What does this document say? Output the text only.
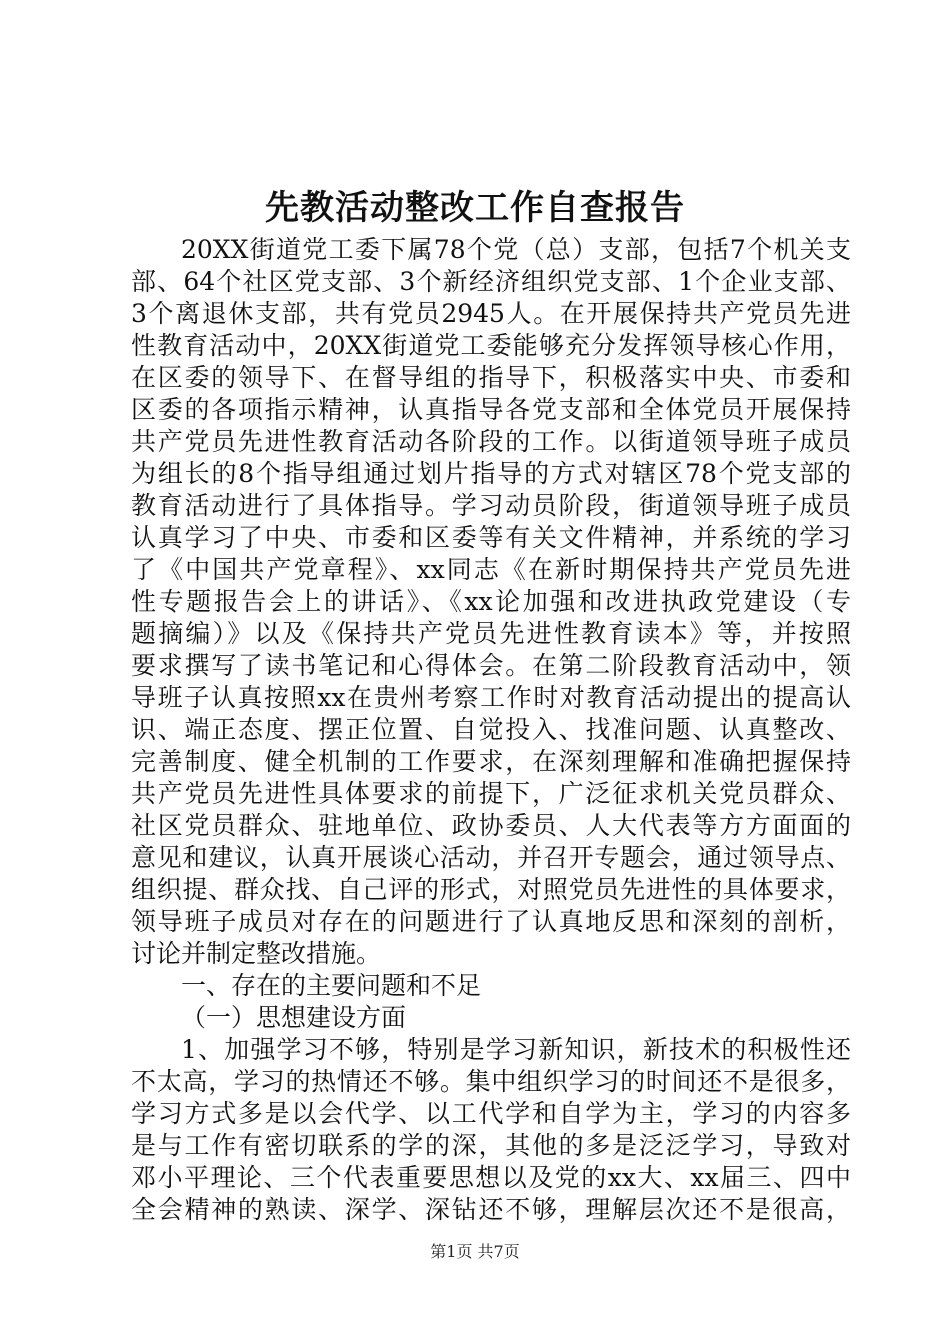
先教活动整改工作自查报告
20XX街道党工委下属78个党（总）支部，包括7个机关支
部、64个社区党支部、3个新经济组织党支部、1个企业支部、
3个离退休支部，共有党员2945人。在开展保持共产党员先进
性教育活动中，20XX街道党工委能够充分发挥领导核心作用，
在区委的领导下、在督导组的指导下，积极落实中央、市委和
区委的各项指示精神，认真指导各党支部和全体党员开展保持
共产党员先进性教育活动各阶段的工作。以街道领导班子成员
为组长的8个指导组通过划片指导的方式对辖区78个党支部的
教育活动进行了具体指导。学习动员阶段，街道领导班子成员
认真学习了中央、市委和区委等有关文件精神，并系统的学习
了《中国共产党章程》、xx同志《在新时期保持共产党员先进
性专题报告会上的讲话》、《xx论加强和改进执政党建设（专
题摘编）》以及《保持共产党员先进性教育读本》等，并按照
要求撰写了读书笔记和心得体会。在第二阶段教育活动中，领
导班子认真按照xx在贵州考察工作时对教育活动提出的提高认
识、端正态度、摆正位置、自觉投入、找准问题、认真整改、
完善制度、健全机制的工作要求，在深刻理解和准确把握保持
共产党员先进性具体要求的前提下，广泛征求机关党员群众、
社区党员群众、驻地单位、政协委员、人大代表等方方面面的
意见和建议，认真开展谈心活动，并召开专题会，通过领导点、
组织提、群众找、自己评的形式，对照党员先进性的具体要求，
领导班子成员对存在的问题进行了认真地反思和深刻的剖析，
讨论并制定整改措施。
一、存在的主要问题和不足
（一）思想建设方面
1、加强学习不够，特别是学习新知识，新技术的积极性还
不太高，学习的热情还不够。集中组织学习的时间还不是很多，
学习方式多是以会代学、以工代学和自学为主，学习的内容多
是与工作有密切联系的学的深，其他的多是泛泛学习，导致对
邓小平理论、三个代表重要思想以及党的xx大、xx届三、四中
全会精神的熟读、深学、深钻还不够，理解层次还不是很高，
第1页 共7页
